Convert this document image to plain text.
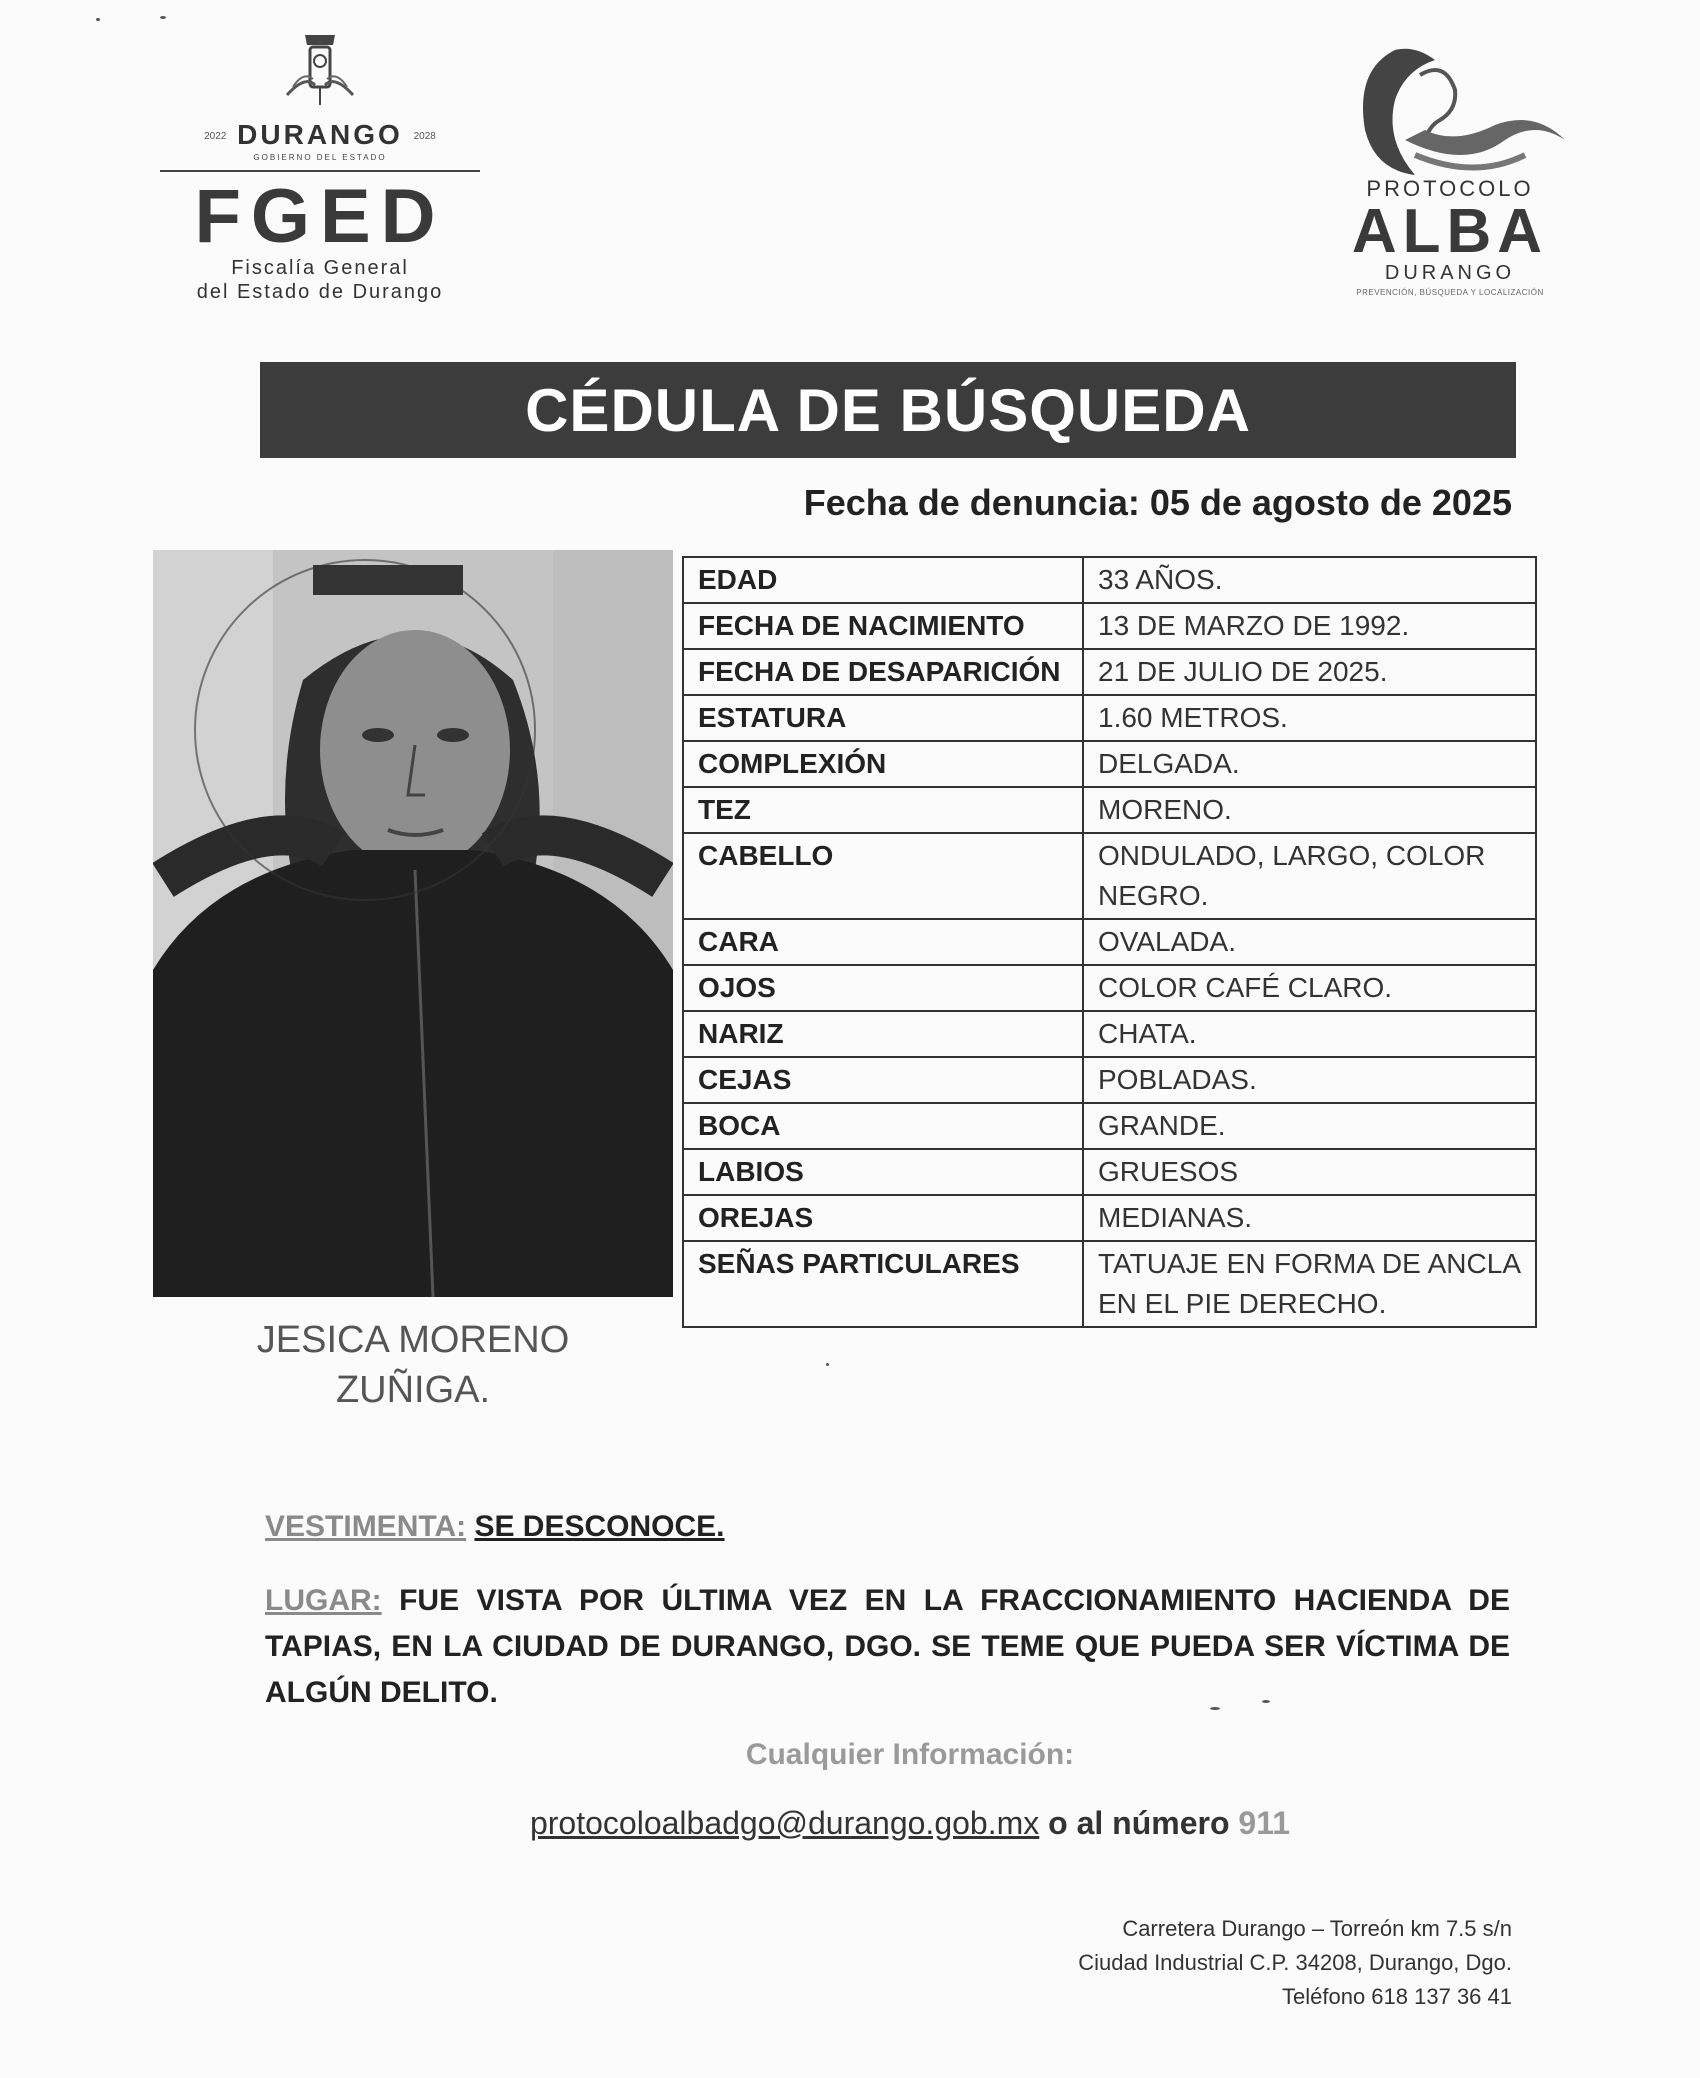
2022 DURANGO 2028
GOBIERNO DEL ESTADO
FGED
Fiscalía General
del Estado de Durango
PROTOCOLO
ALBA
DURANGO
PREVENCIÓN, BÚSQUEDA Y LOCALIZACIÓN
CÉDULA DE BÚSQUEDA
Fecha de denuncia: 05 de agosto de 2025
JESICA MORENO
ZUÑIGA.
EDAD	33 AÑOS.
FECHA DE NACIMIENTO	13 DE MARZO DE 1992.
FECHA DE DESAPARICIÓN	21 DE JULIO DE 2025.
ESTATURA	1.60 METROS.
COMPLEXIÓN	DELGADA.
TEZ	MORENO.
CABELLO	ONDULADO, LARGO, COLOR NEGRO.
CARA	OVALADA.
OJOS	COLOR CAFÉ CLARO.
NARIZ	CHATA.
CEJAS	POBLADAS.
BOCA	GRANDE.
LABIOS	GRUESOS
OREJAS	MEDIANAS.
SEÑAS PARTICULARES	TATUAJE EN FORMA DE ANCLA EN EL PIE DERECHO.
VESTIMENTA: SE DESCONOCE.
LUGAR: FUE VISTA POR ÚLTIMA VEZ EN LA FRACCIONAMIENTO HACIENDA DE TAPIAS, EN LA CIUDAD DE DURANGO, DGO. SE TEME QUE PUEDA SER VÍCTIMA DE ALGÚN DELITO.
Cualquier Información:
protocoloalbadgo@durango.gob.mx o al número 911
Carretera Durango – Torreón km 7.5 s/n
Ciudad Industrial C.P. 34208, Durango, Dgo.
Teléfono 618 137 36 41
